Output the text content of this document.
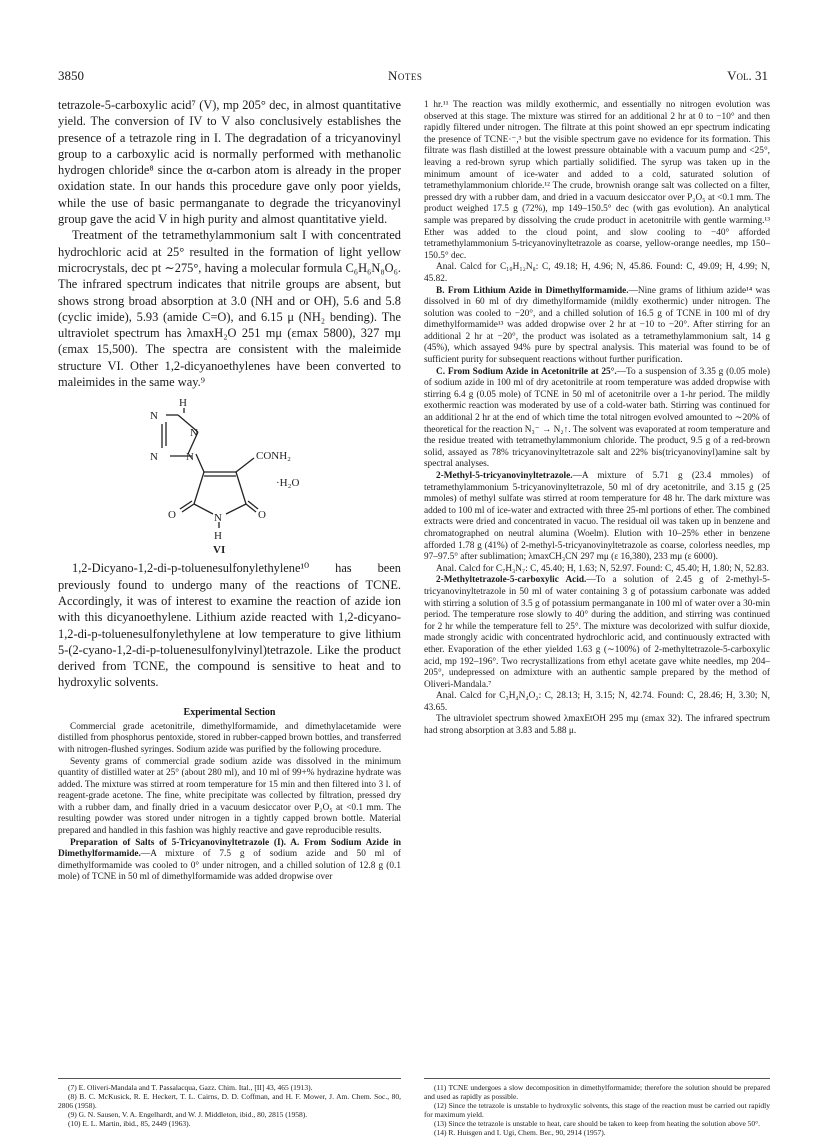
3850	Notes	Vol. 31

tetrazole-5-carboxylic acid⁷ (V), mp 205° dec, in almost quantitative yield. The conversion of IV to V also conclusively establishes the presence of a tetrazole ring in I. The degradation of a tricyanovinyl group to a carboxylic acid is normally performed with methanolic hydrogen chloride⁸ since the α-carbon atom is already in the proper oxidation state. In our hands this procedure gave only poor yields, while the use of basic permanganate to degrade the tricyanovinyl group gave the acid V in high purity and almost quantitative yield.

Treatment of the tetramethylammonium salt I with concentrated hydrochloric acid at 25° resulted in the formation of light yellow microcrystals, dec pt ∼275°, having a molecular formula C₆H₆N₈O₆. The infrared spectrum indicates that nitrile groups are absent, but shows strong broad absorption at 3.0 (NH and or OH), 5.6 and 5.8 (cyclic imide), 5.93 (amide C=O), and 6.15 μ (NH₂ bending). The ultraviolet spectrum has λmaxH₂O 251 mμ (εmax 5800), 327 mμ (εmax 15,500). The spectra are consistent with the maleimide structure VI. Other 1,2-dicyanoethylenes have been converted to maleimides in the same way.⁹

H
N
N
N	N	CONH₂
·H₂O
O	N	O
H
VI

1,2-Dicyano-1,2-di-p-toluenesulfonylethylene¹⁰ has been previously found to undergo many of the reactions of TCNE. Accordingly, it was of interest to examine the reaction of azide ion with this dicyanoethylene. Lithium azide reacted with 1,2-dicyano-1,2-di-p-toluenesulfonylethylene at low temperature to give lithium 5-(2-cyano-1,2-di-p-toluenesulfonylvinyl)tetrazole. Like the product derived from TCNE, the compound is sensitive to heat and to hydroxylic solvents.

Experimental Section

Commercial grade acetonitrile, dimethylformamide, and dimethylacetamide were distilled from phosphorus pentoxide, stored in rubber-capped brown bottles, and transferred with nitrogen-flushed syringes. Sodium azide was purified by the following procedure.

Seventy grams of commercial grade sodium azide was dissolved in the minimum quantity of distilled water at 25° (about 280 ml), and 10 ml of 99+% hydrazine hydrate was added. The mixture was stirred at room temperature for 15 min and then filtered into 3 l. of reagent-grade acetone. The fine, white precipitate was collected by filtration, pressed dry with a rubber dam, and finally dried in a vacuum desiccator over P₂O₅ at <0.1 mm. The resulting powder was stored under nitrogen in a tightly capped brown bottle. Material prepared and handled in this fashion was highly reactive and gave reproducible results.

Preparation of Salts of 5-Tricyanovinyltetrazole (I). A. From Sodium Azide in Dimethylformamide.—A mixture of 7.5 g of sodium azide and 50 ml of dimethylformamide was cooled to 0° under nitrogen, and a chilled solution of 12.8 g (0.1 mole) of TCNE in 50 ml of dimethylformamide was added dropwise over

1 hr.¹¹ The reaction was mildly exothermic, and essentially no nitrogen evolution was observed at this stage. The mixture was stirred for an additional 2 hr at 0 to −10° and then rapidly filtered under nitrogen. The filtrate at this point showed an epr spectrum indicating the presence of TCNE·⁻,³ but the visible spectrum gave no evidence for its formation. This filtrate was flash distilled at the lowest pressure obtainable with a vacuum pump and <25°, leaving a red-brown syrup which partially solidified. The syrup was taken up in the minimum amount of ice-water and added to a cold, saturated solution of tetramethylammonium chloride.¹² The crude, brownish orange salt was collected on a filter, pressed dry with a rubber dam, and dried in a vacuum desiccator over P₂O₅ at <0.1 mm. The product weighed 17.5 g (72%), mp 149–150.5° dec (with gas evolution). An analytical sample was prepared by dissolving the crude product in acetonitrile with gentle warming.¹³ Ether was added to the cloud point, and slow cooling to −40° afforded tetramethylammonium 5-tricyanovinyltetrazole as coarse, yellow-orange needles, mp 150–150.5° dec.

Anal. Calcd for C₁₀H₁₂N₈: C, 49.18; H, 4.96; N, 45.86. Found: C, 49.09; H, 4.99; N, 45.82.

B. From Lithium Azide in Dimethylformamide.—Nine grams of lithium azide¹⁴ was dissolved in 60 ml of dry dimethylformamide (mildly exothermic) under nitrogen. The solution was cooled to −20°, and a chilled solution of 16.5 g of TCNE in 100 ml of dry dimethylformamide¹³ was added dropwise over 2 hr at −10 to −20°. After stirring for an additional 2 hr at −20°, the product was isolated as a tetramethylammonium salt, 14 g (45%), which assayed 94% pure by spectral analysis. This material was found to be of sufficient purity for subsequent reactions without further purification.

C. From Sodium Azide in Acetonitrile at 25°.—To a suspension of 3.35 g (0.05 mole) of sodium azide in 100 ml of dry acetonitrile at room temperature was added dropwise with stirring 6.4 g (0.05 mole) of TCNE in 50 ml of acetonitrile over a 1-hr period. The mildly exothermic reaction was moderated by use of a cold-water bath. Stirring was continued for an additional 2 hr at the end of which time the total nitrogen evolved amounted to ∼20% of theoretical for the reaction N₃⁻ → N₂↑. The solvent was evaporated at room temperature and the residue treated with tetramethylammonium chloride. The product, 9.5 g of a red-brown solid, assayed as 78% tricyanovinyltetrazole salt and 22% bis(tricyanovinyl)amine salt by spectral analyses.

2-Methyl-5-tricyanovinyltetrazole.—A mixture of 5.71 g (23.4 mmoles) of tetramethylammonium 5-tricyanovinyltetrazole, 50 ml of dry acetonitrile, and 3.15 g (25 mmoles) of methyl sulfate was stirred at room temperature for 48 hr. The dark mixture was added to 100 ml of ice-water and extracted with three 25-ml portions of ether. The combined extracts were dried and concentrated in vacuo. The residual oil was taken up in benzene and chromatographed on neutral alumina (Woelm). Elution with 10–25% ether in benzene afforded 1.78 g (41%) of 2-methyl-5-tricyanovinyltetrazole as coarse, colorless needles, mp 97–97.5° after sublimation; λmaxCH₃CN 297 mμ (ε 16,380), 233 mμ (ε 6000).

Anal. Calcd for C₇H₃N₇: C, 45.40; H, 1.63; N, 52.97. Found: C, 45.40; H, 1.80; N, 52.83.

2-Methyltetrazole-5-carboxylic Acid.—To a solution of 2.45 g of 2-methyl-5-tricyanovinyltetrazole in 50 ml of water containing 3 g of potassium carbonate was added with stirring a solution of 3.5 g of potassium permanganate in 100 ml of water over a 30-min period. The temperature rose slowly to 40° during the addition, and stirring was continued for 2 hr while the temperature fell to 25°. The mixture was decolorized with sulfur dioxide, made strongly acidic with concentrated hydrochloric acid, and continuously extracted with ether. Evaporation of the ether yielded 1.63 g (∼100%) of 2-methyltetrazole-5-carboxylic acid, mp 192–196°. Two recrystallizations from ethyl acetate gave white needles, mp 204–205°, undepressed on admixture with an authentic sample prepared by the method of Oliveri-Mandala.⁷

Anal. Calcd for C₃H₄N₄O₂: C, 28.13; H, 3.15; N, 42.74. Found: C, 28.46; H, 3.30; N, 43.65.

The ultraviolet spectrum showed λmaxEtOH 295 mμ (εmax 32). The infrared spectrum had strong absorption at 3.83 and 5.88 μ.

(7) E. Oliveri-Mandala and T. Passalacqua, Gazz. Chim. Ital., [II] 43, 465 (1913).

(8) B. C. McKusick, R. E. Heckert, T. L. Cairns, D. D. Coffman, and H. F. Mower, J. Am. Chem. Soc., 80, 2806 (1958).

(9) G. N. Sausen, V. A. Engelhardt, and W. J. Middleton, ibid., 80, 2815 (1958).

(10) E. L. Martin, ibid., 85, 2449 (1963).

(11) TCNE undergoes a slow decomposition in dimethylformamide; therefore the solution should be prepared and used as rapidly as possible.

(12) Since the tetrazole is unstable to hydroxylic solvents, this stage of the reaction must be carried out rapidly for maximum yield.

(13) Since the tetrazole is unstable to heat, care should be taken to keep from heating the solution above 50°.

(14) R. Huisgen and I. Ugi, Chem. Ber., 90, 2914 (1957).
